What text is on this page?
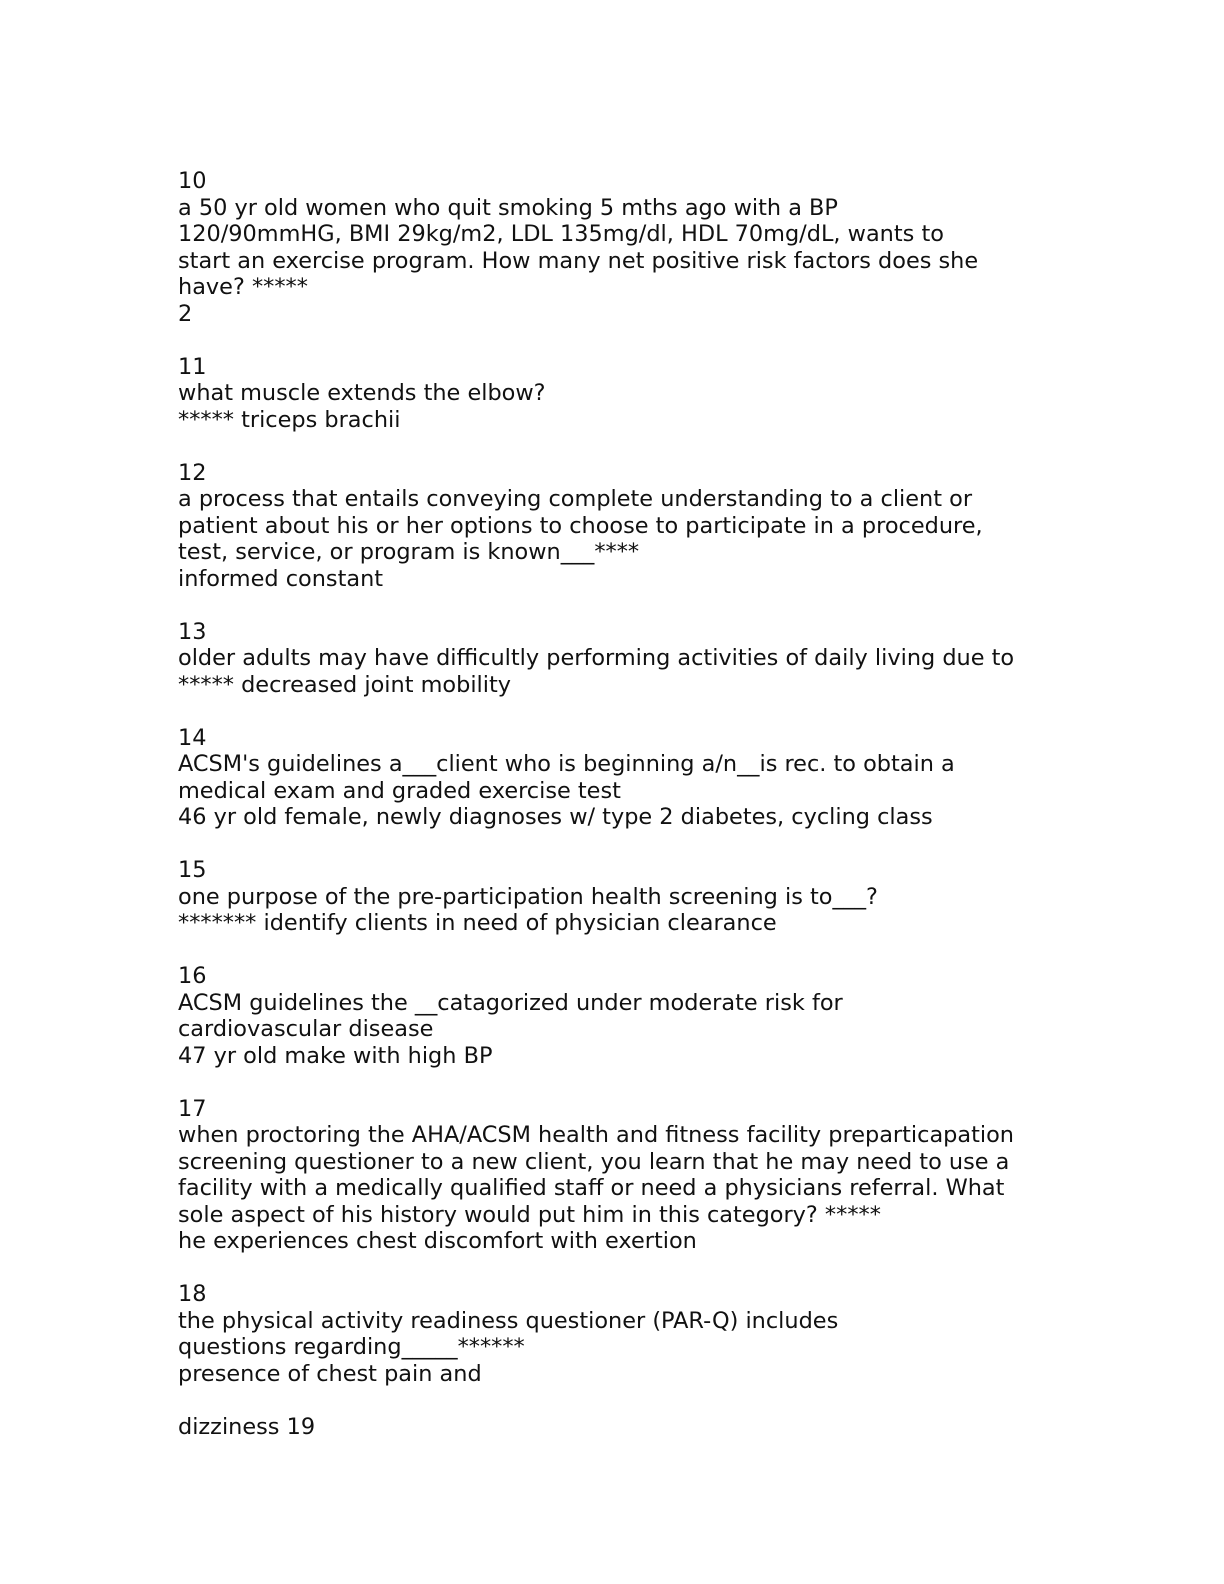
10
a 50 yr old women who quit smoking 5 mths ago with a BP
120/90mmHG, BMI 29kg/m2, LDL 135mg/dl, HDL 70mg/dL, wants to
start an exercise program. How many net positive risk factors does she
have? *****
2
11
what muscle extends the elbow?
***** triceps brachii
12
a process that entails conveying complete understanding to a client or
patient about his or her options to choose to participate in a procedure,
test, service, or program is known___****
informed constant
13
older adults may have difficultly performing activities of daily living due to
***** decreased joint mobility
14
ACSM's guidelines a___client who is beginning a/n__is rec. to obtain a
medical exam and graded exercise test
46 yr old female, newly diagnoses w/ type 2 diabetes, cycling class
15
one purpose of the pre-participation health screening is to___?
******* identify clients in need of physician clearance
16
ACSM guidelines the __catagorized under moderate risk for
cardiovascular disease
47 yr old make with high BP
17
when proctoring the AHA/ACSM health and fitness facility preparticapation
screening questioner to a new client, you learn that he may need to use a
facility with a medically qualified staff or need a physicians referral. What
sole aspect of his history would put him in this category? *****
he experiences chest discomfort with exertion
18
the physical activity readiness questioner (PAR-Q) includes
questions regarding_____******
presence of chest pain and
dizziness 19
